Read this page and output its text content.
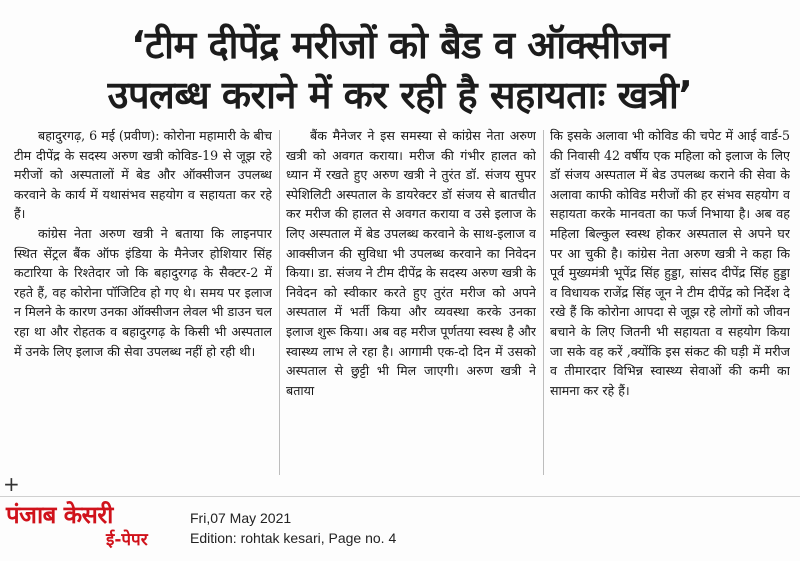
‘टीम दीपेंद्र मरीजों को बैड व ऑक्सीजन
उपलब्ध कराने में कर रही है सहायताः खत्री’

बहादुरगढ़, 6 मई (प्रवीण): कोरोना महामारी के बीच टीम दीपेंद्र के सदस्य अरुण खत्री कोविड-19 से जूझ रहे मरीजों को अस्पतालों में बेड और ऑक्सीजन उपलब्ध करवाने के कार्य में यथासंभव सहयोग व सहायता कर रहे हैं।

कांग्रेस नेता अरुण खत्री ने बताया कि लाइनपार स्थित सेंट्रल बैंक ऑफ इंडिया के मैनेजर होशियार सिंह कटारिया के रिश्तेदार जो कि बहादुरगढ़ के सैक्टर-2 में रहते हैं, वह कोरोना पॉजिटिव हो गए थे। समय पर इलाज न मिलने के कारण उनका ऑक्सीजन लेवल भी डाउन चल रहा था और रोहतक व बहादुरगढ़ के किसी भी अस्पताल में उनके लिए इलाज की सेवा उपलब्ध नहीं हो रही थी।

बैंक मैनेजर ने इस समस्या से कांग्रेस नेता अरुण खत्री को अवगत कराया। मरीज की गंभीर हालत को ध्यान में रखते हुए अरुण खत्री ने तुरंत डॉ. संजय सुपर स्पेशिलिटी अस्पताल के डायरेक्टर डॉ संजय से बातचीत कर मरीज की हालत से अवगत कराया व उसे इलाज के लिए अस्पताल में बेड उपलब्ध करवाने के साथ-इलाज व आक्सीजन की सुविधा भी उपलब्ध करवाने का निवेदन किया। डा. संजय ने टीम दीपेंद्र के सदस्य अरुण खत्री के निवेदन को स्वीकार करते हुए तुरंत मरीज को अपने अस्पताल में भर्ती किया और व्यवस्था करके उनका इलाज शुरू किया। अब वह मरीज पूर्णतया स्वस्थ है और स्वास्थ्य लाभ ले रहा है। आगामी एक-दो दिन में उसको अस्पताल से छुट्टी भी मिल जाएगी। अरुण खत्री ने बताया

कि इसके अलावा भी कोविड की चपेट में आई वार्ड-5 की निवासी 42 वर्षीय एक महिला को इलाज के लिए डॉ संजय अस्पताल में बेड उपलब्ध कराने की सेवा के अलावा काफी कोविड मरीजों की हर संभव सहयोग व सहायता करके मानवता का फर्ज निभाया है। अब वह महिला बिल्कुल स्वस्थ होकर अस्पताल से अपने घर पर आ चुकी है। कांग्रेस नेता अरुण खत्री ने कहा कि पूर्व मुख्यमंत्री भूपेंद्र सिंह हुड्डा, सांसद दीपेंद्र सिंह हुड्डा व विधायक राजेंद्र सिंह जून ने टीम दीपेंद्र को निर्देश दे रखे हैं कि कोरोना आपदा से जूझ रहे लोगों को जीवन बचाने के लिए जितनी भी सहायता व सहयोग किया जा सके वह करें ,क्योंकि इस संकट की घड़ी में मरीज व तीमारदार विभिन्न स्वास्थ्य सेवाओं की कमी का सामना कर रहे हैं।

+
पंजाब केसरी
ई-पेपर
Fri,07 May 2021
Edition: rohtak kesari, Page no. 4
